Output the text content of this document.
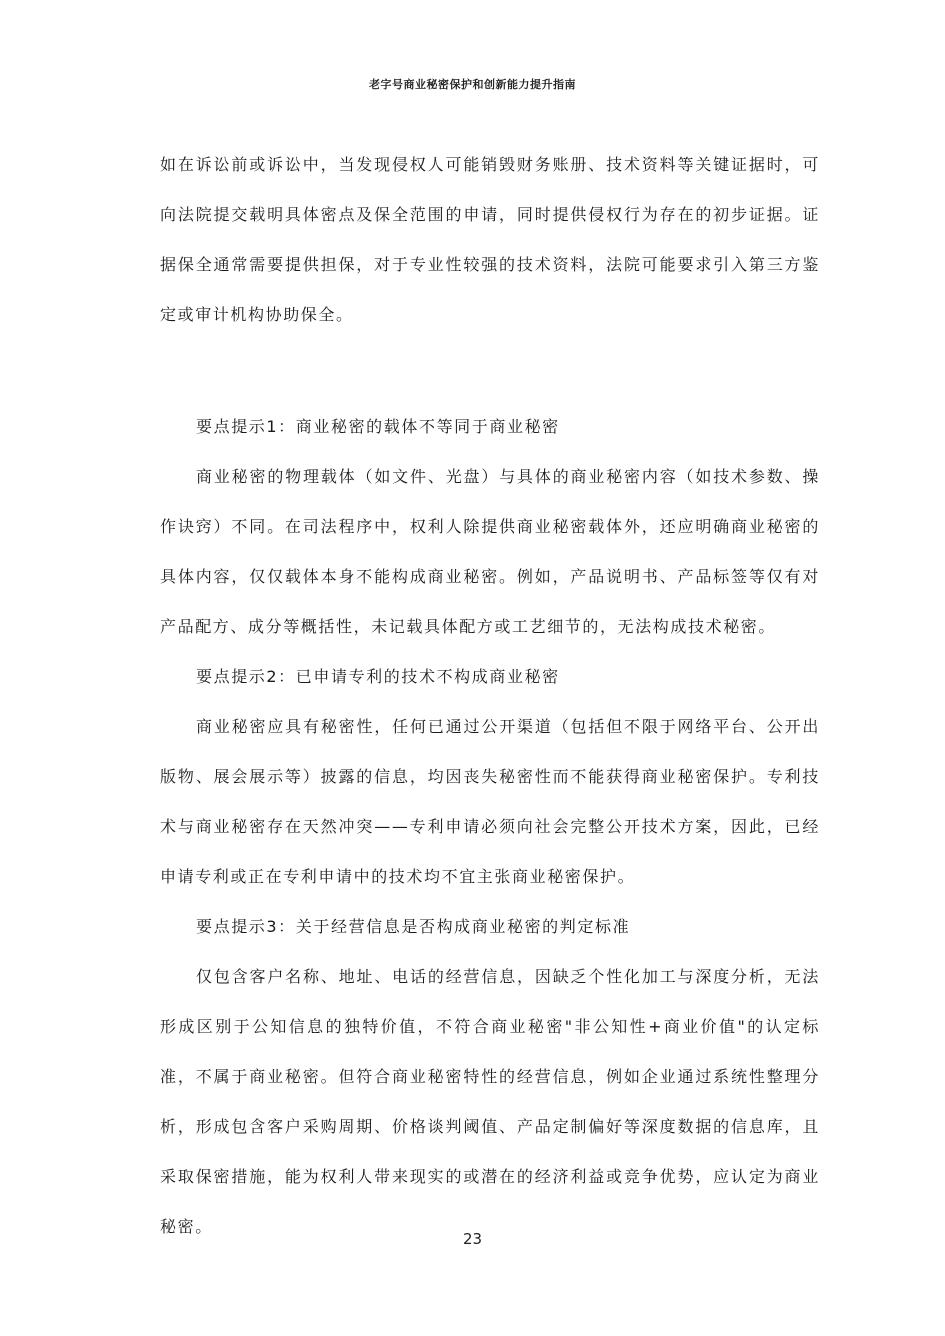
老字号商业秘密保护和创新能力提升指南

如在诉讼前或诉讼中，当发现侵权人可能销毁财务账册、技术资料等关键证据时，可向法院提交载明具体密点及保全范围的申请，同时提供侵权行为存在的初步证据。证据保全通常需要提供担保，对于专业性较强的技术资料，法院可能要求引入第三方鉴定或审计机构协助保全。

要点提示1：商业秘密的载体不等同于商业秘密

商业秘密的物理载体（如文件、光盘）与具体的商业秘密内容（如技术参数、操作诀窍）不同。在司法程序中，权利人除提供商业秘密载体外，还应明确商业秘密的具体内容，仅仅载体本身不能构成商业秘密。例如，产品说明书、产品标签等仅有对产品配方、成分等概括性，未记载具体配方或工艺细节的，无法构成技术秘密。

要点提示2：已申请专利的技术不构成商业秘密

商业秘密应具有秘密性，任何已通过公开渠道（包括但不限于网络平台、公开出版物、展会展示等）披露的信息，均因丧失秘密性而不能获得商业秘密保护。专利技术与商业秘密存在天然冲突——专利申请必须向社会完整公开技术方案，因此，已经申请专利或正在专利申请中的技术均不宜主张商业秘密保护。

要点提示3：关于经营信息是否构成商业秘密的判定标准

仅包含客户名称、地址、电话的经营信息，因缺乏个性化加工与深度分析，无法形成区别于公知信息的独特价值，不符合商业秘密"非公知性+商业价值"的认定标准，不属于商业秘密。但符合商业秘密特性的经营信息，例如企业通过系统性整理分析，形成包含客户采购周期、价格谈判阈值、产品定制偏好等深度数据的信息库，且采取保密措施，能为权利人带来现实的或潜在的经济利益或竞争优势，应认定为商业秘密。

23
